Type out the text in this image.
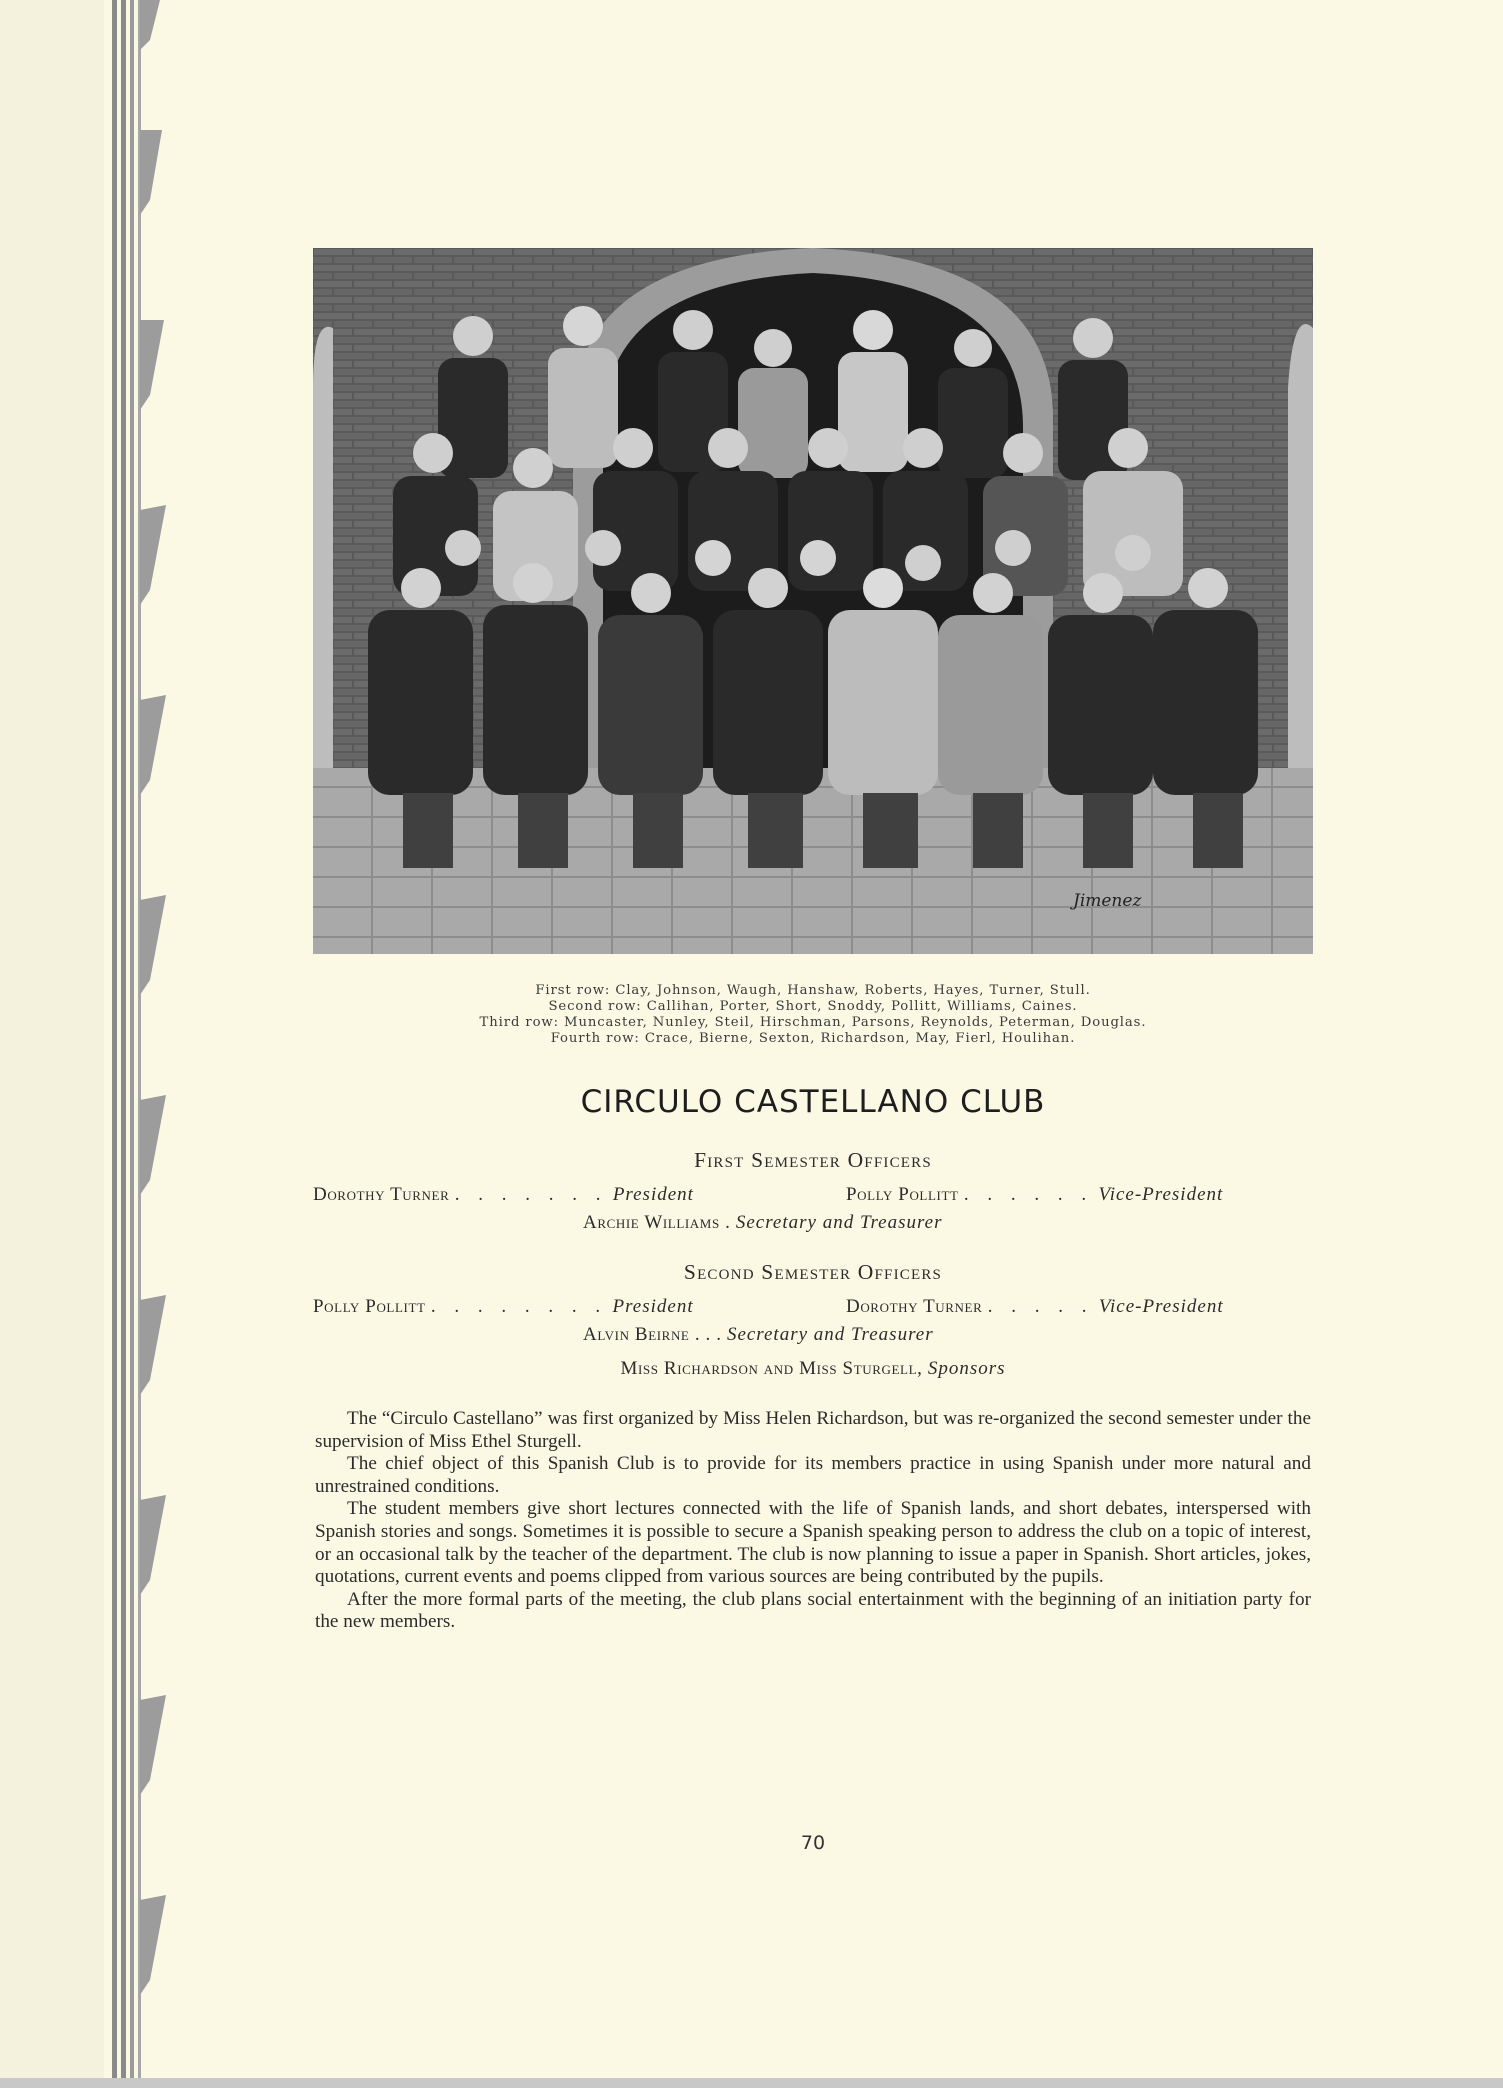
Jimenez
First row: Clay, Johnson, Waugh, Hanshaw, Roberts, Hayes, Turner, Stull.
Second row: Callihan, Porter, Short, Snoddy, Pollitt, Williams, Caines.
Third row: Muncaster, Nunley, Steil, Hirschman, Parsons, Reynolds, Peterman, Douglas.
Fourth row: Crace, Bierne, Sexton, Richardson, May, Fierl, Houlihan.
CIRCULO CASTELLANO CLUB
First Semester Officers
Dorothy Turner . . . . . . . President	Polly Pollitt . . . . . . Vice-President
Archie Williams . Secretary and Treasurer
Second Semester Officers
Polly Pollitt . . . . . . . . President	Dorothy Turner . . . . . Vice-President
Alvin Beirne . . . Secretary and Treasurer
Miss Richardson and Miss Sturgell, Sponsors

The “Circulo Castellano” was first organized by Miss Helen Richardson, but was re-organized the second semester under the supervision of Miss Ethel Sturgell.

The chief object of this Spanish Club is to provide for its members practice in using Spanish under more natural and unrestrained conditions.

The student members give short lectures connected with the life of Spanish lands, and short debates, interspersed with Spanish stories and songs. Sometimes it is possible to secure a Spanish speaking person to address the club on a topic of interest, or an occasional talk by the teacher of the department. The club is now planning to issue a paper in Spanish. Short articles, jokes, quotations, current events and poems clipped from various sources are being contributed by the pupils.

After the more formal parts of the meeting, the club plans social entertainment with the beginning of an initiation party for the new members.

70
